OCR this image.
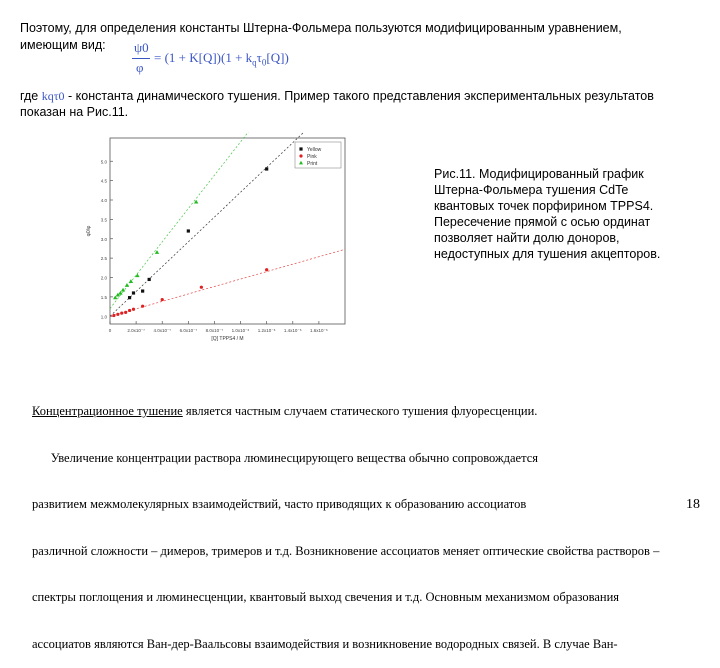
Поэтому, для определения константы Штерна-Фольмера пользуются модифицированным уравнением,
имеющим вид: ψ0
φ
= $(1 + K[Q])(1 + k_q\tau_0[Q])$
где kqτ0 - константа динамического тушения. Пример такого представления экспериментальных результатов
показан на Рис.11.
0	2.0x10⁻⁷ 4.0x10⁻⁷ 6.0x10⁻⁷ 8.0x10⁻⁷ 1.0x10⁻⁶ 1.2x10⁻⁶ 1.4x10⁻⁶ 1.6x10⁻⁶
1.0
1.5
2.0
2.5
3.0
3.5
4.0
4.5
5.0
[Q] TPPS4 / M
φ0/φ
Yellow
Pink
Print
Рис.11. Модифицированный график
Штерна-Фольмера тушения CdTe
квантовых точек порфирином TPPS4.
Пересечение прямой с осью ординат
позволяет найти долю доноров,
недоступных для тушения акцепторов.

Концентрационное тушение является частным случаем статического тушения флуоресценции.

Увеличение концентрации раствора люминесцирующего вещества обычно сопровождается

развитием межмолекулярных взаимодействий, часто приводящих к образованию ассоциатов

различной сложности – димеров, тримеров и т.д. Возникновение ассоциатов меняет оптические свойства растворов –

спектры поглощения и люминесценции, квантовый выход свечения и т.д. Основным механизмом образования

ассоциатов являются Ван-дер-Ваальсовы взаимодействия и возникновение водородных связей. В случае Ван-

18
